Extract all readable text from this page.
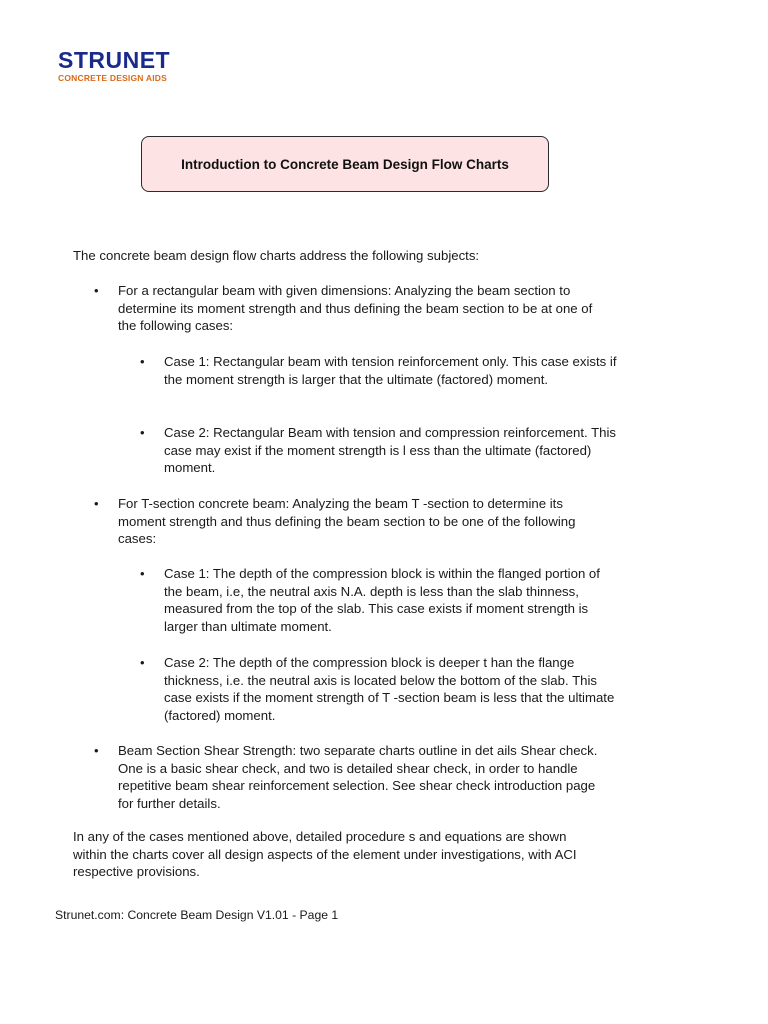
STRUNET
CONCRETE DESIGN AIDS
Introduction to Concrete Beam Design Flow Charts
The concrete beam design flow charts address the following subjects:
• For a rectangular beam with given dimensions: Analyzing the beam section to determine its moment strength and thus defining the beam section to be at one of the following cases:
• Case 1: Rectangular beam with tension reinforcement only. This case exists if the moment strength is larger that the ultimate (factored) moment.
• Case 2: Rectangular Beam with tension and compression reinforcement. This case may exist if the moment strength is l ess than the ultimate (factored) moment.
• For T-section concrete beam: Analyzing the beam T -section to determine its moment strength and thus defining the beam section to be one of the following cases:
• Case 1: The depth of the compression block is within the flanged portion of the beam, i.e, the neutral axis N.A. depth is less than the slab thinness, measured from the top of the slab. This case exists if moment strength is larger than ultimate moment.
• Case 2: The depth of the compression block is deeper t han the flange thickness, i.e. the neutral axis is located below the bottom of the slab. This case exists if the moment strength of T -section beam is less that the ultimate (factored) moment.
• Beam Section Shear Strength: two separate charts outline in det ails Shear check. One is a basic shear check, and two is detailed shear check, in order to handle repetitive beam shear reinforcement selection. See shear check introduction page for further details.
In any of the cases mentioned above, detailed procedure s and equations are shown within the charts cover all design aspects of the element under investigations, with ACI respective provisions.
Strunet.com: Concrete Beam Design V1.01 - Page 1
